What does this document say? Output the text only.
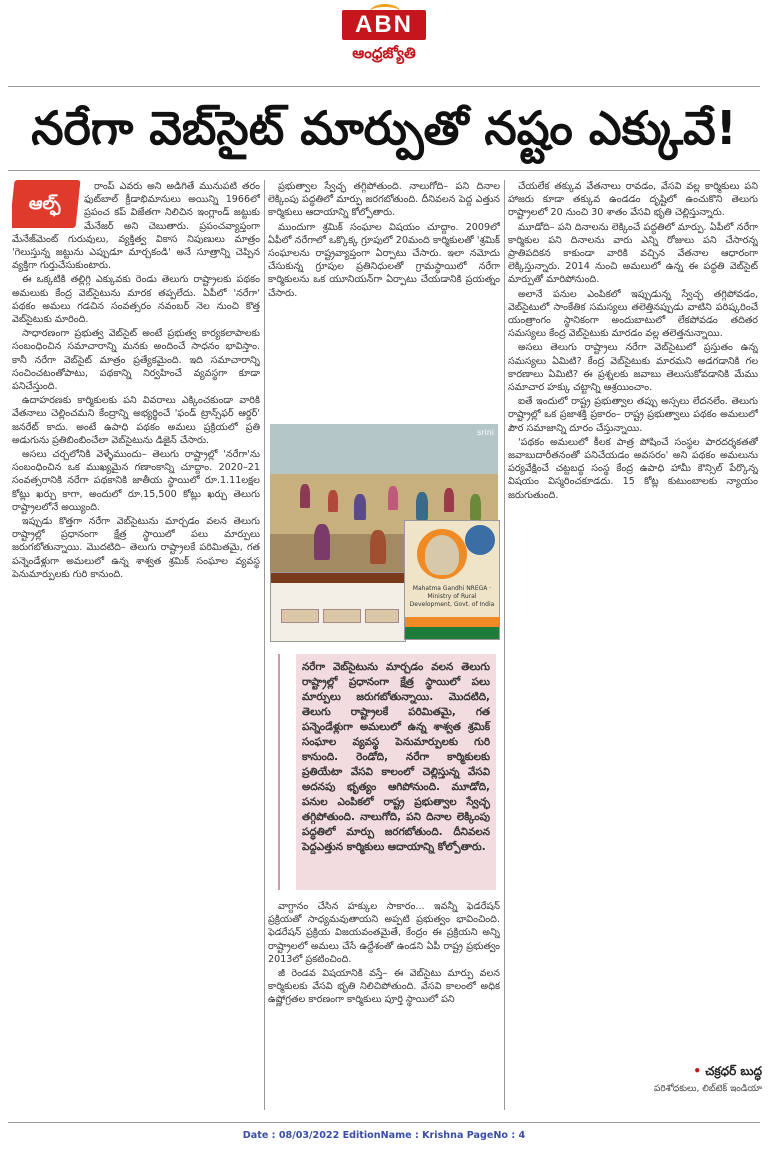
ABN
ఆంధ్రజ్యోతి
నరేగా వెబ్‌సైట్‌ మార్పుతో నష్టం ఎక్కువే!
ఆల్ఫ్‌

రాంప్‌ ఎవరు అని అడిగితే మునుపటి తరం ఫుట్‌బాల్‌ క్రీడాభిమానులు అయిన్ని 1966లో ప్రపంచ కప్‌ విజేతగా నిలిచిన ఇంగ్లాండ్‌ జట్టుకు మేనేజర్‌ అని చెబుతారు. ప్రపంచవ్యాప్తంగా మేనేజ్‌మెంట్‌ గురువులు, వ్యక్తిత్వ వికాస నిపుణులు మాత్రం 'గెలుస్తున్న జట్టును ఎప్పుడూ మార్చకండి' అనే సూత్రాన్ని చెప్పిన వ్యక్తిగా గుర్తుచేసుకుంటారు.

ఈ ఒక్కటికి తల్లిగ్గి ఎక్కువకు రెండు తెలుగు రాష్ట్రాలకు పథకం అమలుకు కేంద్ర వెబ్‌సైటును మారక తప్పలేదు. ఏపీలో 'నరేగా' పథకం అమలు గడచిన సంవత్సరం నవంబర్‌ నెల నుంచి కొత్త వెబ్‌సైటుకు మారింది.

సాధారణంగా ప్రభుత్వ వెబ్‌సైట్‌ అంటే ప్రభుత్వ కార్యకలాపాలకు సంబంధించిన సమాచారాన్ని మనకు అందించే సాధనం భావిస్తాం. కానీ నరేగా వెబ్‌సైట్‌ మాత్రం ప్రత్యేకమైంది. ఇది సమాచారాన్ని సంచించటంతోపాటు, పథకాన్ని నిర్వహించే వ్యవస్థగా కూడా పనిచేస్తుంది.

ఉదాహరణకు కార్మికులకు పని వివరాలు ఎక్కించకుండా వారికి వేతనాలు చెల్లించమని కేంద్రాన్ని అభ్యర్థించే 'ఫండ్‌ ట్రాన్స్‌ఫర్‌ ఆర్డర్‌' జనరేట్‌ కాదు. అంటే ఉపాధి పథకం అమలు ప్రక్రియలో ప్రతి అడుగును ప్రతిబింబించేలా వెబ్‌సైటును డిజైన్‌ చేసారు.

అసలు చర్చలోనికి వెళ్ళేముందు– తెలుగు రాష్ట్రాల్లో 'నరేగా'ను సంబంధించిన ఒక ముఖ్యమైన గణాంకాన్ని చూద్దాం. 2020–21 సంవత్సరానికి నరేగా పథకానికి జాతీయ స్థాయిలో రూ.1.11లక్షల కోట్లు ఖర్చు కాగా, అందులో రూ.15,500 కోట్లు ఖర్చు తెలుగు రాష్ట్రాలలోనే అయ్యింది.

ఇప్పుడు కొత్తగా నరేగా వెబ్‌సైటును మార్చడం వలన తెలుగు రాష్ట్రాల్లో ప్రధానంగా క్షేత్ర స్థాయిలో పలు మార్పులు జరుగబోతున్నాయి. మొదటిది– తెలుగు రాష్ట్రాలకే పరిమితమై, గత పన్నెండేళ్లుగా అమలులో ఉన్న శాశ్వత శ్రమిక్‌ సంఘాల వ్యవస్థ పెనుమార్పులకు గురి కానుంది.

ప్రభుత్వాల స్వేచ్ఛ తగ్గిపోతుంది. నాలుగోది– పని దినాల లెక్కింపు పద్ధతిలో మార్పు జరగబోతుంది. దీనివలన పెద్ద ఎత్తున కార్మికులు ఆదాయాన్ని కోల్పోతారు.

ముందుగా శ్రమిక్‌ సంఘాల విషయం చూద్దాం. 2009లో ఏపీలో నరేగాలో ఒక్కొక్క గ్రూపులో 20మంది కార్మికులతో 'శ్రమిక్‌ సంఘాలను రాష్ట్రవ్యాప్తంగా ఏర్పాటు చేసారు. ఇలా నమోదు చేసుకున్న గ్రూపుల ప్రతినిధులతో గ్రామస్థాయిలో నరేగా కార్మికులను ఒక యూనియన్‌గా ఏర్పాటు చేయడానికి ప్రయత్నం చేసారు.

srini
Mahatma Gandhi NREGA · Ministry of Rural Development, Govt. of India
నరేగా వెబ్‌సైటును మార్చడం వలన తెలుగు రాష్ట్రాల్లో ప్రధానంగా క్షేత్ర స్థాయిలో పలు మార్పులు జరుగబోతున్నాయి. మొదటిది, తెలుగు రాష్ట్రాలకే పరిమితమై, గత పన్నెండేళ్లుగా అమలులో ఉన్న శాశ్వత శ్రమిక్‌ సంఘాల వ్యవస్థ పెనుమార్పులకు గురి కానుంది. రెండోది, నరేగా కార్మికులకు ప్రతియేటా వేసవి కాలంలో చెల్లిస్తున్న వేసవి అదనపు భృత్యం ఆగిపోనుంది. మూడోది, పనుల ఎంపికలో రాష్ట్ర ప్రభుత్వాల స్వేచ్ఛ తగ్గిపోతుంది. నాలుగోది, పని దినాల లెక్కింపు పద్ధతిలో మార్పు జరగబోతుంది. దీనివలన పెద్దఎత్తున కార్మికులు ఆదాయాన్ని కోల్పోతారు.

వాగ్దానం చేసిన హక్కుల సాకారం... ఇవన్నీ ఫెడరేషన్‌ ప్రక్రియతో సాధ్యమవుతాయని అప్పటి ప్రభుత్వం భావించింది. ఫెడరేషన్‌ ప్రక్రియ విజయవంతమైతే, కేంద్రం ఈ ప్రక్రియని అన్ని రాష్ట్రాలలో అమలు చేసే ఉద్దేశంతో ఉండని ఏపీ రాష్ట్ర ప్రభుత్వం 2013లో ప్రకటించింది.

జీ రెండవ విషయానికి వస్తే– ఈ వెబ్‌సైటు మార్పు వలన కార్మికులకు వేసవి భృతి నిలిచిపోతుంది. వేసవి కాలంలో అధిక ఉష్ణోగ్రతల కారణంగా కార్మికులు పూర్తి స్థాయిలో పని

చేయలేక తక్కువ వేతనాలు రావడం, వేసవి వల్ల కార్మికులు పని హాజరు కూడా తక్కువ ఉండడం దృష్టిలో ఉంచుకొని తెలుగు రాష్ట్రాలలో 20 నుంచి 30 శాతం వేసవి భృతి చెల్లిస్తున్నారు.

మూడోది– పని దినాలను లెక్కించే పద్ధతిలో మార్పు. ఏపీలో నరేగా కార్మికుల పని దినాలను వారు ఎన్ని రోజులు పని చేసారన్న ప్రాతిపదికన కాకుండా వారికి వచ్చిన వేతనాల ఆధారంగా లెక్కిస్తున్నారు. 2014 నుంచి అమలులో ఉన్న ఈ పద్ధతి వెబ్‌సైట్‌ మార్పుతో మారిపోనుంది.

అలానే పనుల ఎంపికలో ఇప్పుడున్న స్వేచ్ఛ తగ్గిపోవడం, వెబ్‌సైటులో సాంకేతిక సమస్యలు తలెత్తినప్పుడు వాటిని పరిష్కరించే యంత్రాంగం స్థానికంగా అందుబాటులో లేకపోవడం తదితర సమస్యలు కేంద్ర వెబ్‌సైటుకు మారడం వల్ల తలెత్తనున్నాయి.

అసలు తెలుగు రాష్ట్రాలు నరేగా వెబ్‌సైటులో ప్రస్తుతం ఉన్న సమస్యలు ఏమిటి? కేంద్ర వెబ్‌సైటుకు మారమని అడగడానికి గల కారణాలు ఏమిటి? ఈ ప్రశ్నలకు జవాబు తెలుసుకోవడానికి మేము సమాచార హక్కు చట్టాన్ని ఆశ్రయించాం.

ఐతే ఇందులో రాష్ట్ర ప్రభుత్వాల తప్పు అస్సలు లేదనలేం. తెలుగు రాష్ట్రాల్లో ఒక ప్రజాశక్తి ప్రకారం– రాష్ట్ర ప్రభుత్వాలు పథకం అమలులో పౌర సమాజాన్ని దూరం చేస్తున్నాయి.

'పథకం అమలులో కీలక పాత్ర పోషించే సంస్థల పారదర్శకతతో జవాబుదారీతనంతో పనిచేయడం అవసరం' అని పథకం అమలును పర్యవేక్షించే చట్టబద్ధ సంస్థ కేంద్ర ఉపాధి హామీ కౌన్సిల్‌ పేర్కొన్న విషయం విస్మరించకూడదు. 15 కోట్ల కుటుంబాలకు న్యాయం జరుగుతుంది.

• చక్రధర్‌ బుద్ధ
పరిశోధకులు, లిబ్‌టెక్‌ ఇండియా
Date : 08/03/2022 EditionName : Krishna PageNo : 4
